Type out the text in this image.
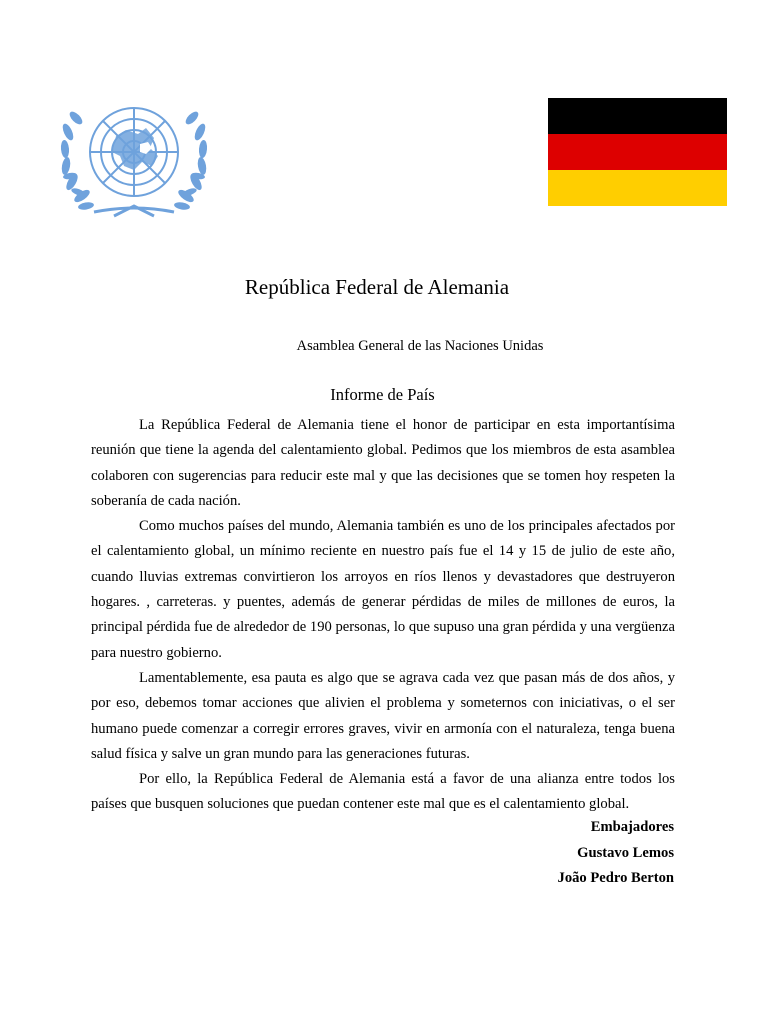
República Federal de Alemania
Asamblea General de las Naciones Unidas
Informe de País

La República Federal de Alemania tiene el honor de participar en esta importantísima reunión que tiene la agenda del calentamiento global. Pedimos que los miembros de esta asamblea colaboren con sugerencias para reducir este mal y que las decisiones que se tomen hoy respeten la soberanía de cada nación.

Como muchos países del mundo, Alemania también es uno de los principales afectados por el calentamiento global, un mínimo reciente en nuestro país fue el 14 y 15 de julio de este año, cuando lluvias extremas convirtieron los arroyos en ríos llenos y devastadores que destruyeron hogares. , carreteras. y puentes, además de generar pérdidas de miles de millones de euros, la principal pérdida fue de alrededor de 190 personas, lo que supuso una gran pérdida y una vergüenza para nuestro gobierno.

Lamentablemente, esa pauta es algo que se agrava cada vez que pasan más de dos años, y por eso, debemos tomar acciones que alivien el problema y someternos con iniciativas, o el ser humano puede comenzar a corregir errores graves, vivir en armonía con el naturaleza, tenga buena salud física y salve un gran mundo para las generaciones futuras.

Por ello, la República Federal de Alemania está a favor de una alianza entre todos los países que busquen soluciones que puedan contener este mal que es el calentamiento global.

Embajadores
Gustavo Lemos
João Pedro Berton
